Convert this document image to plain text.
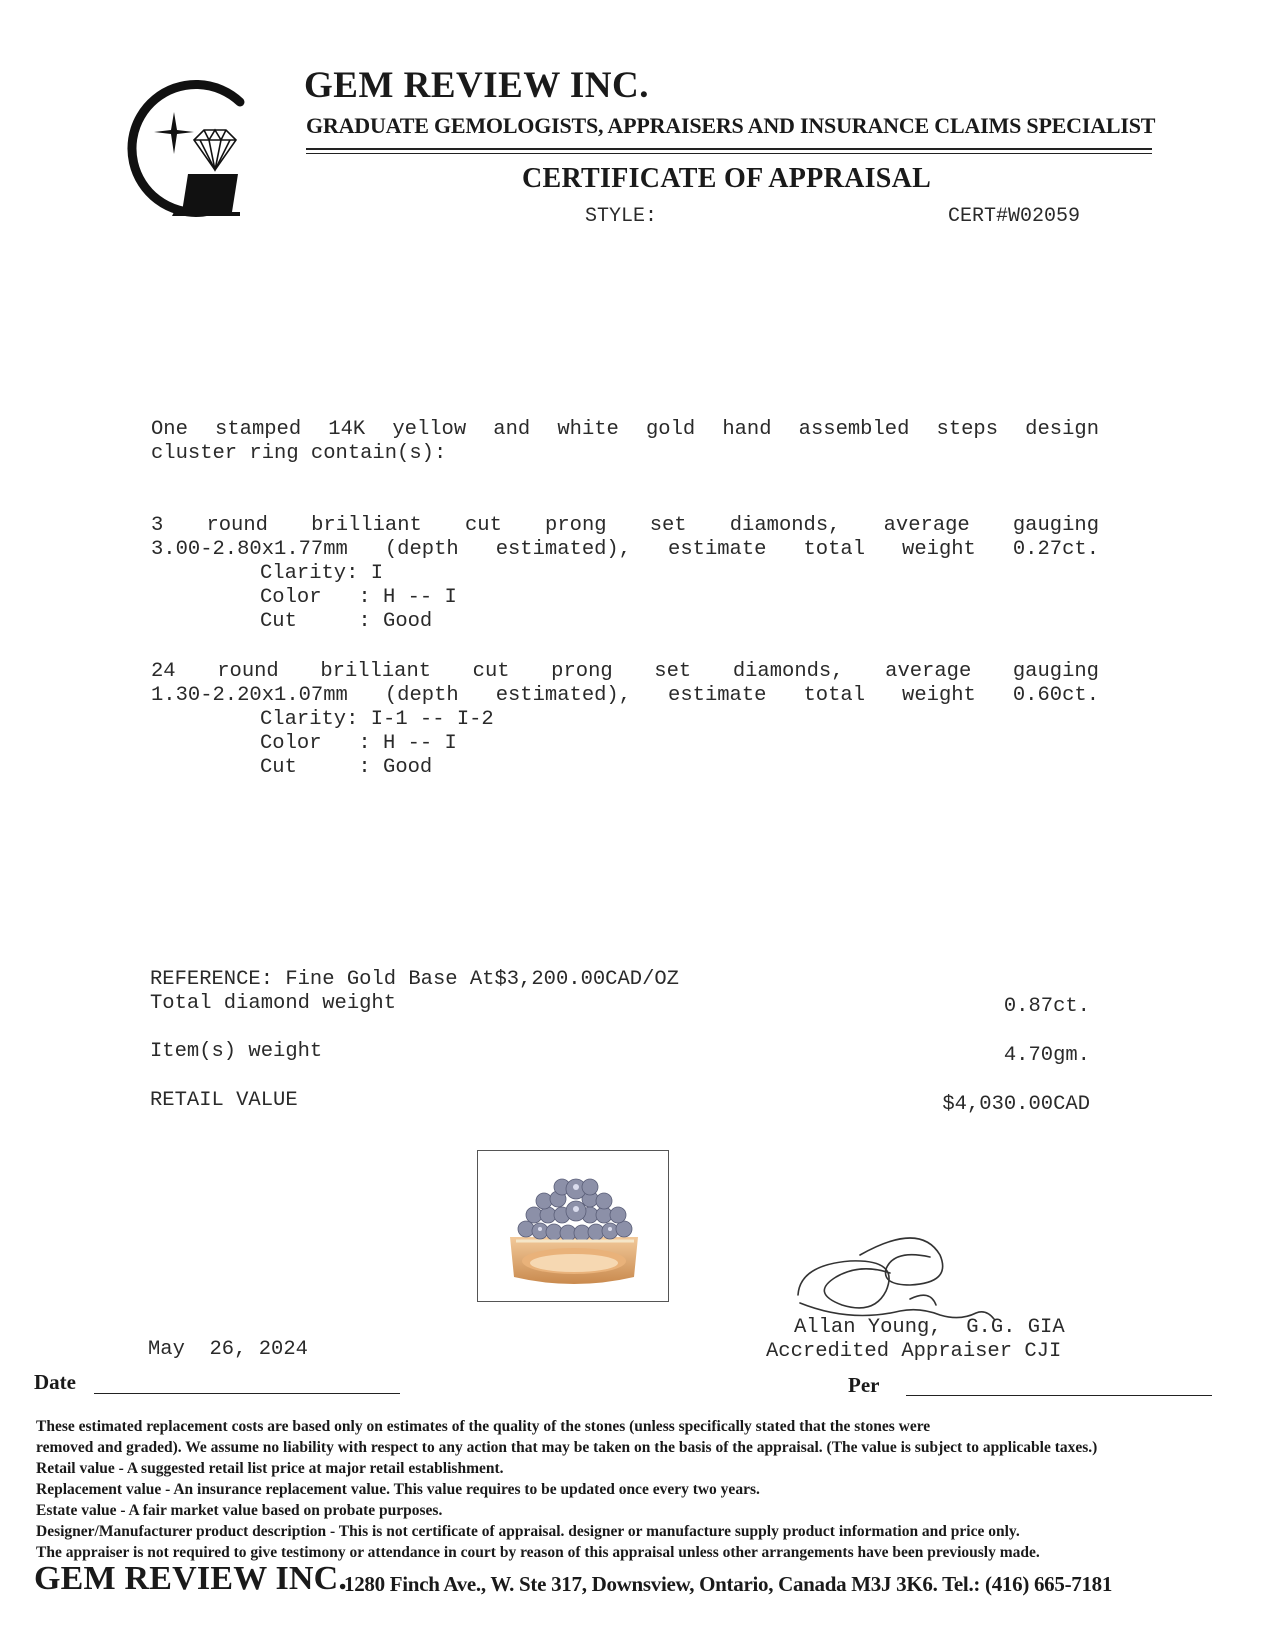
GEM REVIEW INC.
GRADUATE GEMOLOGISTS, APPRAISERS AND INSURANCE CLAIMS SPECIALIST
CERTIFICATE OF APPRAISAL
STYLE:	CERT#W02059
One stamped 14K yellow and white gold hand assembled steps design
cluster ring contain(s):
3 round brilliant cut prong set diamonds, average gauging
3.00-2.80x1.77mm (depth estimated), estimate total weight 0.27ct.
Clarity: I
Color   : H -- I
Cut     : Good
24 round brilliant cut prong set diamonds, average gauging
1.30-2.20x1.07mm (depth estimated), estimate total weight 0.60ct.
Clarity: I-1 -- I-2
Color   : H -- I
Cut     : Good
REFERENCE: Fine Gold Base At$3,200.00CAD/OZ
Total diamond weight	0.87ct.
Item(s) weight	4.70gm.
RETAIL VALUE	$4,030.00CAD
Allan Young,  G.G. GIA
Accredited Appraiser CJI
May  26, 2024
Date	Per
These estimated replacement costs are based only on estimates of the quality of the stones (unless specifically stated that the stones were
removed and graded). We assume no liability with respect to any action that may be taken on the basis of the appraisal. (The value is subject to applicable taxes.)
Retail value - A suggested retail list price at major retail establishment.
Replacement value - An insurance replacement value. This value requires to be updated once every two years.
Estate value - A fair market value based on probate purposes.
Designer/Manufacturer product description - This is not certificate of appraisal. designer or manufacture supply product information and price only.
The appraiser is not required to give testimony or attendance in court by reason of this appraisal unless other arrangements have been previously made.
GEM REVIEW INC.
1280 Finch Ave., W. Ste 317, Downsview, Ontario, Canada M3J 3K6. Tel.: (416) 665-7181
